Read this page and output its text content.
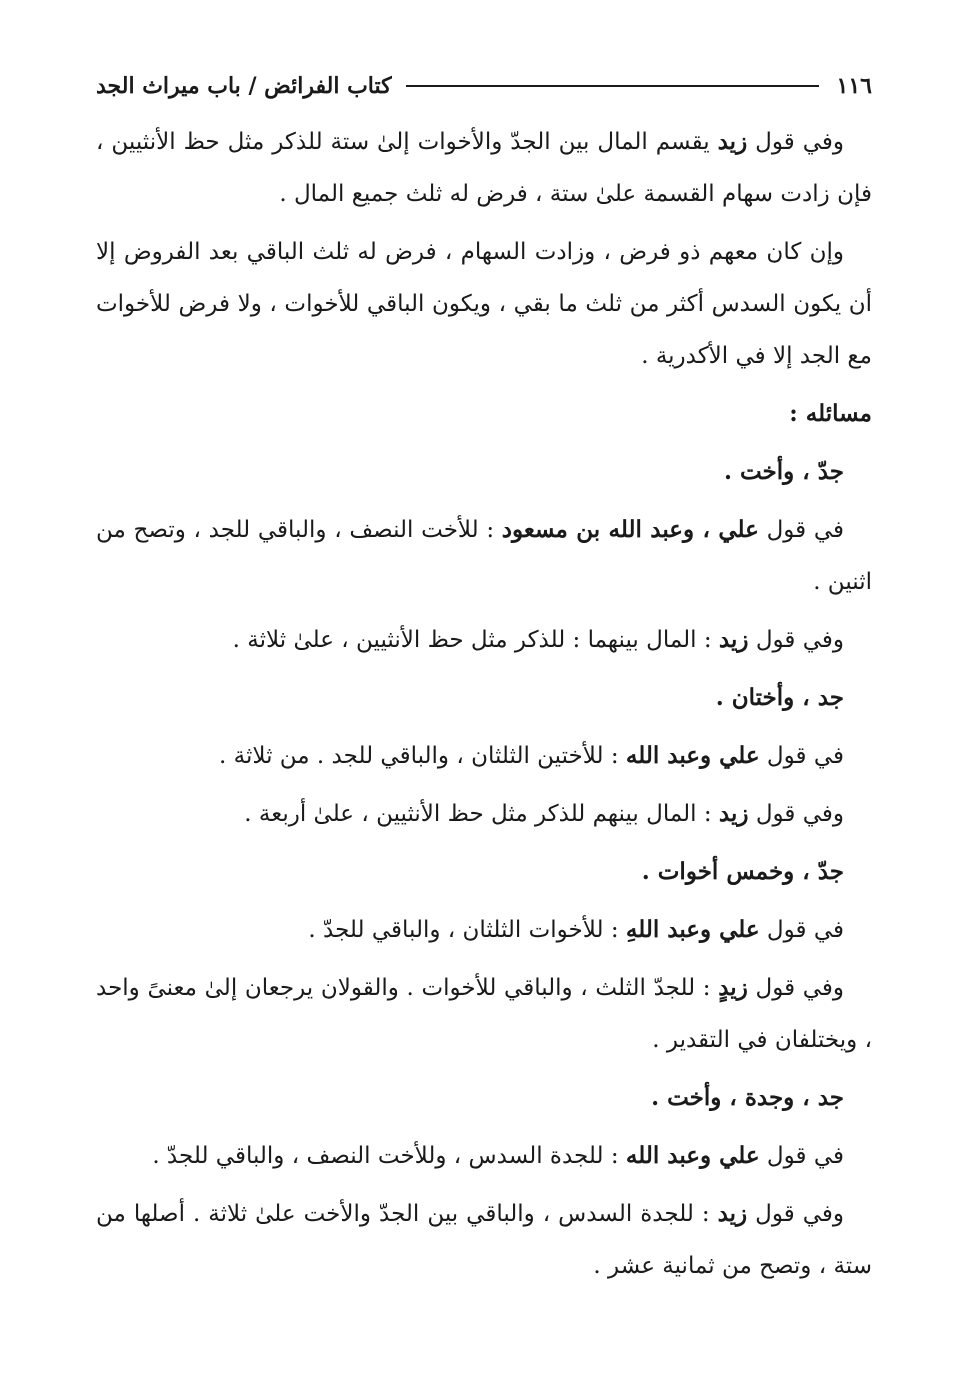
١١٦
كتاب الفرائض / باب ميراث الجد

وفي قول زيد يقسم المال بين الجدّ والأخوات إلىٰ ستة للذكر مثل حظ الأنثيين ، فإن زادت سهام القسمة علىٰ ستة ، فرض له ثلث جميع المال .

وإن كان معهم ذو فرض ، وزادت السهام ، فرض له ثلث الباقي بعد الفروض إلا أن يكون السدس أكثر من ثلث ما بقي ، ويكون الباقي للأخوات ، ولا فرض للأخوات مع الجد إلا في الأكدرية .

مسائله :

جدّ ، وأخت .

في قول علي ، وعبد الله بن مسعود : للأخت النصف ، والباقي للجد ، وتصح من اثنين .

وفي قول زيد : المال بينهما : للذكر مثل حظ الأنثيين ، علىٰ ثلاثة .

جد ، وأختان .

في قول علي وعبد الله : للأختين الثلثان ، والباقي للجد . من ثلاثة .

وفي قول زيد : المال بينهم للذكر مثل حظ الأنثيين ، علىٰ أربعة .

جدّ ، وخمس أخوات .

في قول علي وعبد اللهِ : للأخوات الثلثان ، والباقي للجدّ .

وفي قول زيدٍ : للجدّ الثلث ، والباقي للأخوات . والقولان يرجعان إلىٰ معنىً واحد ، ويختلفان في التقدير .

جد ، وجدة ، وأخت .

في قول علي وعبد الله : للجدة السدس ، وللأخت النصف ، والباقي للجدّ .

وفي قول زيد : للجدة السدس ، والباقي بين الجدّ والأخت علىٰ ثلاثة . أصلها من ستة ، وتصح من ثمانية عشر .
